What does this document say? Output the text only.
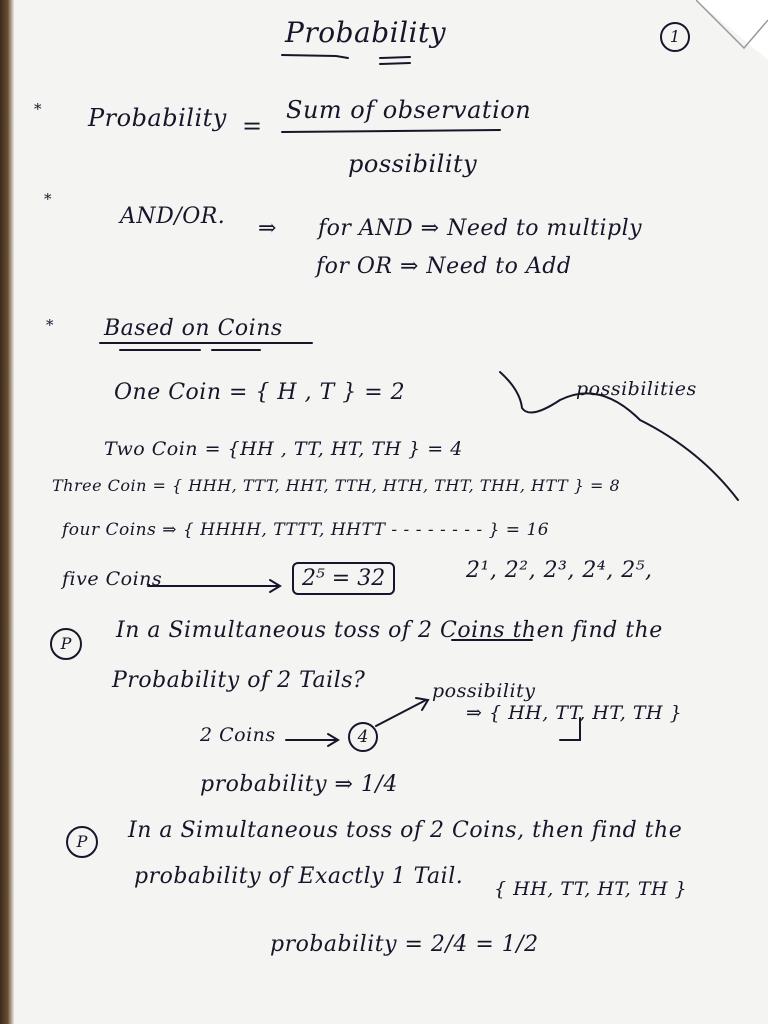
Probability	1
* Probability =
Sum of observation
possibility
*
AND/OR. ⇒ for AND ⇒ Need to multiply
for OR ⇒ Need to Add
* Based on Coins
One Coin = { H , T } = 2	possibilities
Two Coin = {HH , TT, HT, TH } = 4
Three Coin = { HHH, TTT, HHT, TTH, HTH, THT, THH, HTT } = 8
four Coins ⇒ { HHHH, TTTT, HHTT - - - - - - - - } = 16
five Coins	2⁵ = 32	2¹, 2², 2³, 2⁴, 2⁵,
P
In a Simultaneous toss of 2 Coins then find the
Probability of 2 Tails?
2 Coins	4
possibility
⇒ { HH, TT, HT, TH }
probability ⇒ 1/4
P	In a Simultaneous toss of 2 Coins, then find the
probability of Exactly 1 Tail. { HH, TT, HT, TH }
probability = 2/4 = 1/2
